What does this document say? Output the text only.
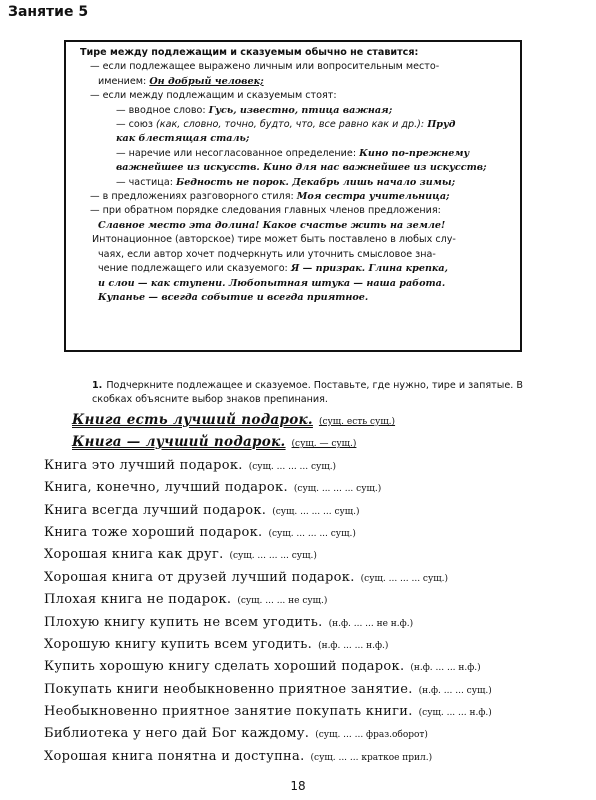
Занятие 5
Тире между подлежащим и сказуемым обычно не ставится:
— если подлежащее выражено личным или вопросительным место-
имением: Он добрый человек;
— если между подлежащим и сказуемым стоят:
— вводное слово: Гусь, известно, птица важная;
— союз (как, словно, точно, будто, что, все равно как и др.): Пруд
как блестящая сталь;
— наречие или несогласованное определение: Кино по-прежнему
важнейшее из искусств. Кино для нас важнейшее из искусств;
— частица: Бедность не порок. Декабрь лишь начало зимы;
— в предложениях разговорного стиля: Моя сестра учительница;
— при обратном порядке следования главных членов предложения:
Славное место эта долина! Какое счастье жить на земле!
Интонационное (авторское) тире может быть поставлено в любых слу-
чаях, если автор хочет подчеркнуть или уточнить смысловое зна-
чение подлежащего или сказуемого: Я — призрак. Глина крепка,
и слои — как ступени. Любопытная штука — наша работа.
Купанье — всегда событие и всегда приятное.
1. Подчеркните подлежащее и сказуемое. Поставьте, где нужно, тире и запятые. В скобках объясните выбор знаков препинания.
Книга есть лучший подарок. (сущ. есть сущ.)
Книга — лучший подарок. (сущ. — сущ.)
Книга это лучший подарок. (сущ. ... ... ... сущ.)
Книга, конечно, лучший подарок. (сущ. ... ... ... сущ.)
Книга всегда лучший подарок. (сущ. ... ... ... сущ.)
Книга тоже хороший подарок. (сущ. ... ... ... сущ.)
Хорошая книга как друг. (сущ. ... ... ... сущ.)
Хорошая книга от друзей лучший подарок. (сущ. ... ... ... сущ.)
Плохая книга не подарок. (сущ. ... ... не сущ.)
Плохую книгу купить не всем угодить. (н.ф. ... ... не н.ф.)
Хорошую книгу купить всем угодить. (н.ф. ... ... н.ф.)
Купить хорошую книгу сделать хороший подарок. (н.ф. ... ... н.ф.)
Покупать книги необыкновенно приятное занятие. (н.ф. ... ... сущ.)
Необыкновенно приятное занятие покупать книги. (сущ. ... ... н.ф.)
Библиотека у него дай Бог каждому. (сущ. ... ... фраз.оборот)
Хорошая книга понятна и доступна. (сущ. ... ... краткое прил.)
18
